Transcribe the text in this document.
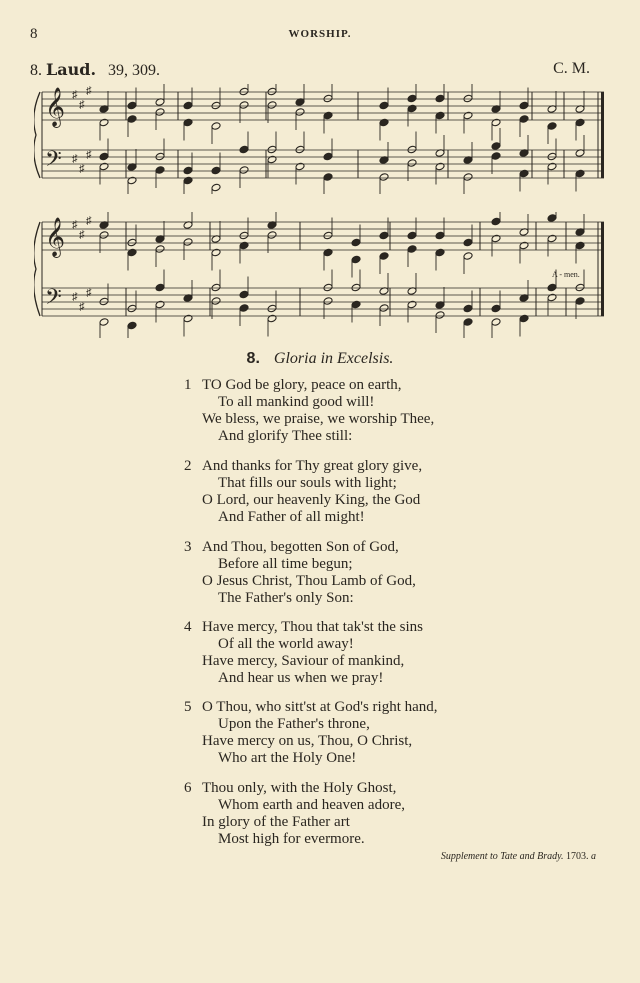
8	WORSHIP.
8. Laud. 39, 309.	C. M.
𝄞
𝄢
♯
♯
♯
♯
♯
♯
𝄞
𝄢
♯
♯
♯
♯
♯
♯
A - men.
8. Gloria in Excelsis.
1 TO God be glory, peace on earth,
To all mankind good will!
We bless, we praise, we worship Thee,
And glorify Thee still:
2 And thanks for Thy great glory give,
That fills our souls with light;
O Lord, our heavenly King, the God
And Father of all might!
3 And Thou, begotten Son of God,
Before all time begun;
O Jesus Christ, Thou Lamb of God,
The Father's only Son:
4 Have mercy, Thou that tak'st the sins
Of all the world away!
Have mercy, Saviour of mankind,
And hear us when we pray!
5 O Thou, who sitt'st at God's right hand,
Upon the Father's throne,
Have mercy on us, Thou, O Christ,
Who art the Holy One!
6 Thou only, with the Holy Ghost,
Whom earth and heaven adore,
In glory of the Father art
Most high for evermore.
Supplement to Tate and Brady. 1703. a
